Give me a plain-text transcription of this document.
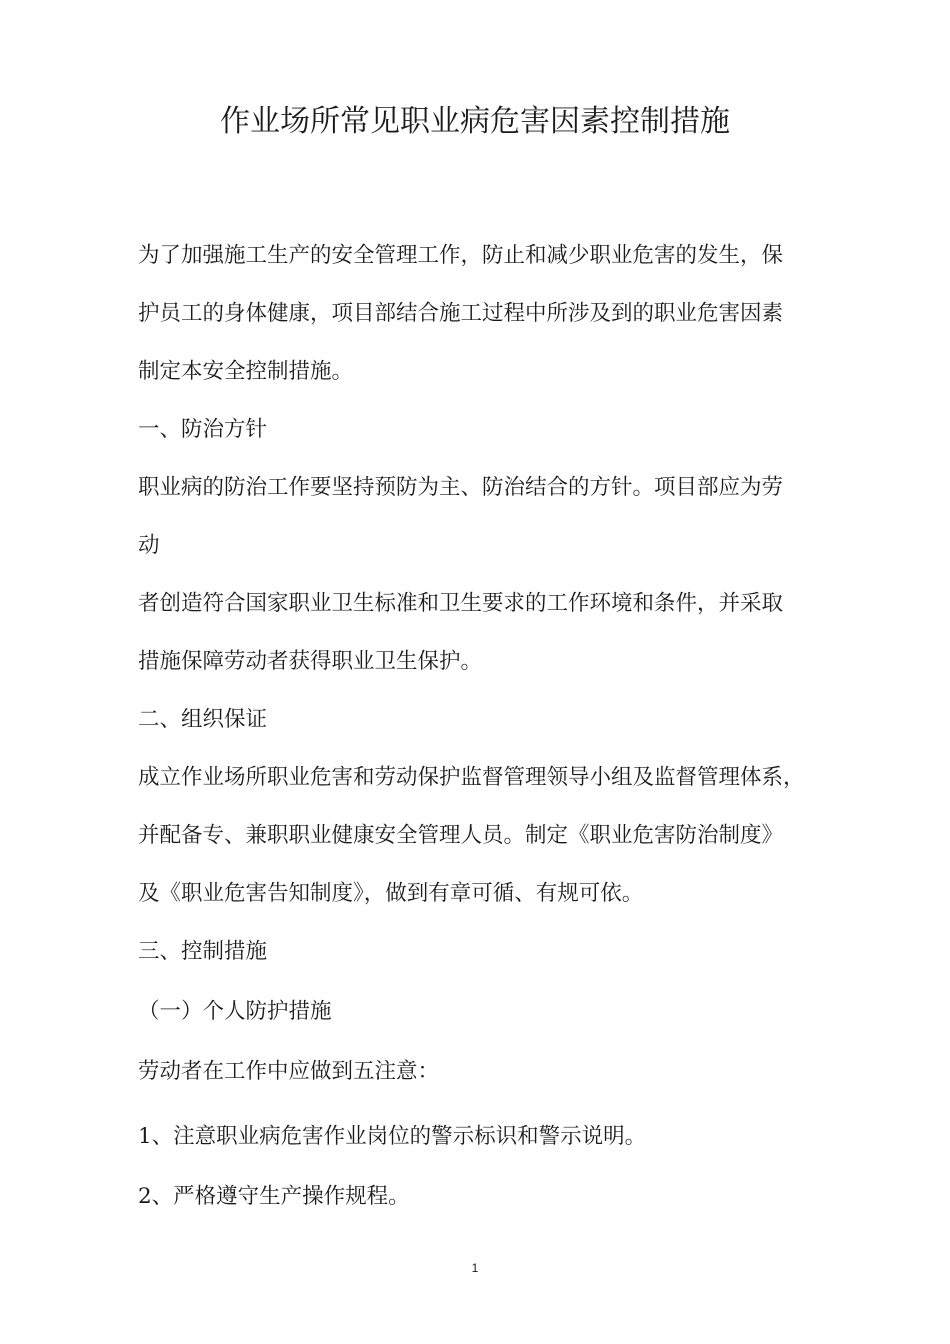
作业场所常见职业病危害因素控制措施
为了加强施工生产的安全管理工作，防止和减少职业危害的发生，保
护员工的身体健康，项目部结合施工过程中所涉及到的职业危害因素
制定本安全控制措施。
一、防治方针
职业病的防治工作要坚持预防为主、防治结合的方针。项目部应为劳
动
者创造符合国家职业卫生标准和卫生要求的工作环境和条件，并采取
措施保障劳动者获得职业卫生保护。
二、组织保证
成立作业场所职业危害和劳动保护监督管理领导小组及监督管理体系，
并配备专、兼职职业健康安全管理人员。制定《职业危害防治制度》
及《职业危害告知制度》，做到有章可循、有规可依。
三、控制措施
（一）个人防护措施
劳动者在工作中应做到五注意：
1、注意职业病危害作业岗位的警示标识和警示说明。
2、严格遵守生产操作规程。
1
